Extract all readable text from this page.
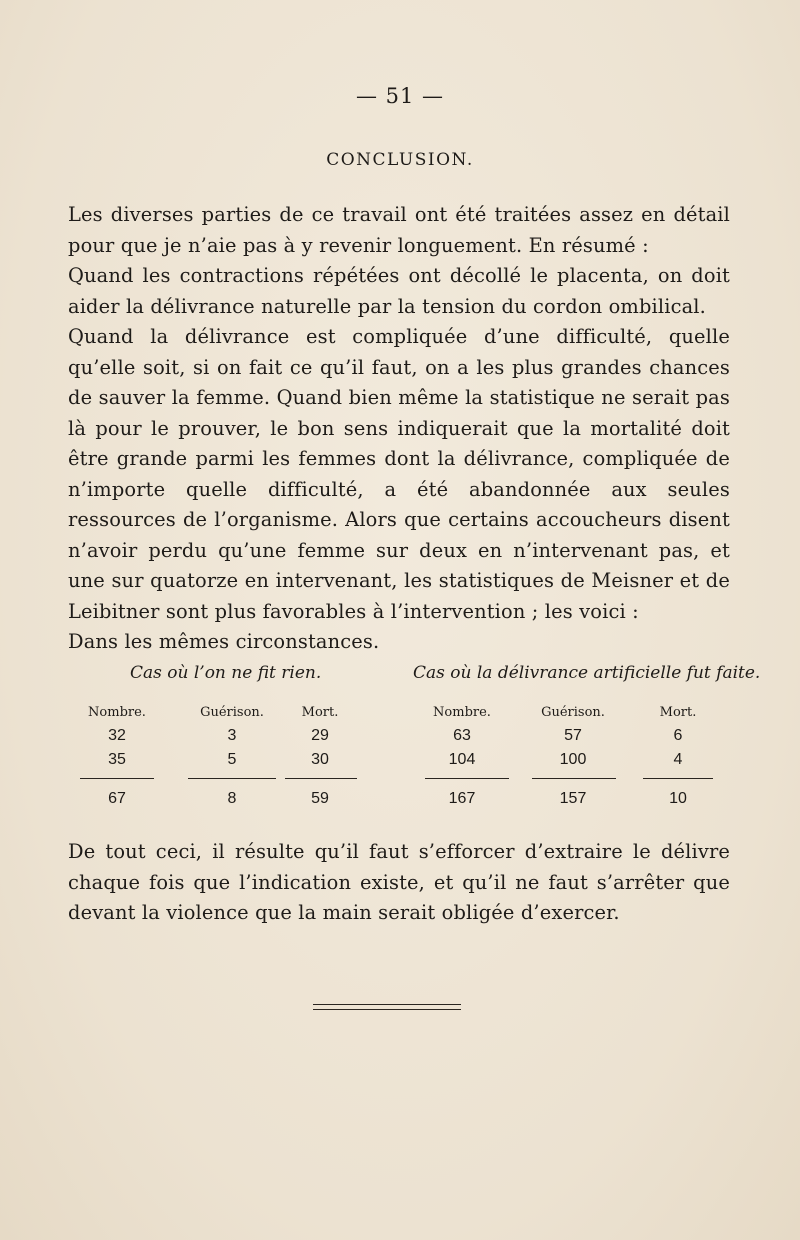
— 51 —
CONCLUSION.

Les diverses parties de ce travail ont été traitées assez en détail pour que je n’aie pas à y revenir longuement. En résumé :

Quand les contractions répétées ont décollé le placenta, on doit aider la délivrance naturelle par la tension du cordon ombilical.

Quand la délivrance est compliquée d’une difficulté, quelle qu’elle soit, si on fait ce qu’il faut, on a les plus grandes chances de sauver la femme. Quand bien même la statistique ne serait pas là pour le prouver, le bon sens indiquerait que la mortalité doit être grande parmi les femmes dont la délivrance, compliquée de n’importe quelle difficulté, a été abandonnée aux seules ressources de l’organisme. Alors que certains accoucheurs disent n’avoir perdu qu’une femme sur deux en n’intervenant pas, et une sur quatorze en intervenant, les statistiques de Meisner et de Leibitner sont plus favorables à l’intervention ; les voici :

Dans les mêmes circonstances.

Cas où l’on ne fit rien.	Cas où la délivrance artificielle fut faite.
Nombre.	Guérison.	Mort.	Nombre.	Guérison.	Mort.
32	3	29	63	57	6
35	5	30	104	100	4
67	8	59	167	157	10

De tout ceci, il résulte qu’il faut s’efforcer d’extraire le délivre chaque fois que l’indication existe, et qu’il ne faut s’arrêter que devant la violence que la main serait obligée d’exercer.
